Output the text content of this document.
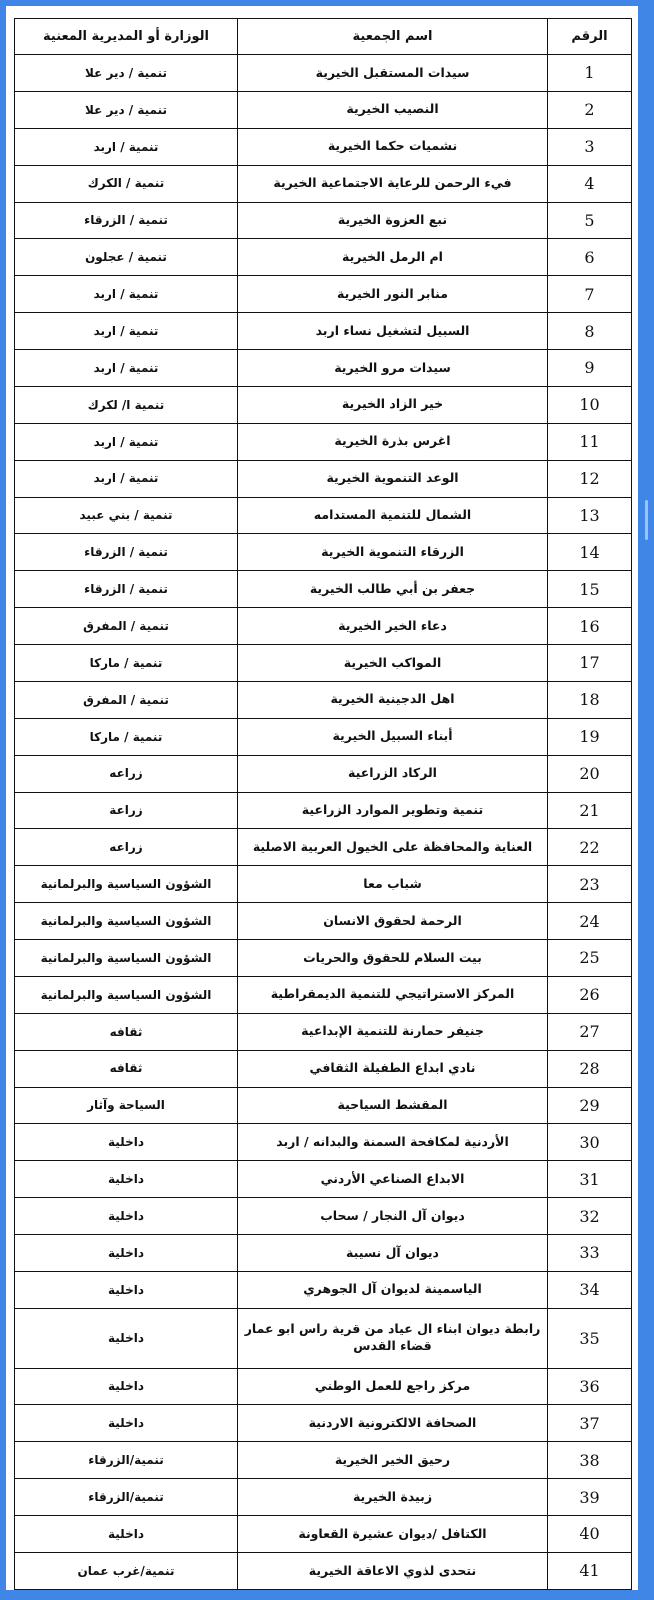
الرقم	اسم الجمعية	الوزارة أو المديرية المعنية
1	سيدات المستقبل الخيرية	تنمية / دير علا
2	النصيب الخيرية	تنمية / دير علا
3	نشميات حكما الخيرية	تنمية / اربد
4	فيء الرحمن للرعاية الاجتماعية الخيرية	تنمية / الكرك
5	نبع العزوة الخيرية	تنمية / الزرقاء
6	ام الرمل الخيرية	تنمية / عجلون
7	منابر النور الخيرية	تنمية / اربد
8	السبيل لتشغيل نساء اربد	تنمية / اربد
9	سيدات مرو الخيرية	تنمية / اربد
10	خير الزاد الخيرية	تنمية ا/ لكرك
11	اغرس بذرة الخيرية	تنمية / اربد
12	الوعد التنموية الخيرية	تنمية / اربد
13	الشمال للتنمية المستدامه	تنمية / بني عبيد
14	الزرقاء التنموية الخيرية	تنمية / الزرقاء
15	جعفر بن أبي طالب الخيرية	تنمية / الزرقاء
16	دعاء الخير الخيرية	تنمية / المفرق
17	المواكب الخيرية	تنمية / ماركا
18	اهل الدجينية الخيرية	تنمية / المفرق
19	أبناء السبيل الخيرية	تنمية / ماركا
20	الركاد الزراعية	زراعه
21	تنمية وتطوير الموارد الزراعية	زراعة
22	العناية والمحافظة على الخيول العربية الاصلية	زراعه
23	شباب معا	الشؤون السياسية والبرلمانية
24	الرحمة لحقوق الانسان	الشؤون السياسية والبرلمانية
25	بيت السلام للحقوق والحريات	الشؤون السياسية والبرلمانية
26	المركز الاستراتيجي للتنمية الديمقراطية	الشؤون السياسية والبرلمانية
27	جنيفر حمارنة للتنمية الإبداعية	ثقافه
28	نادي ابداع الطفيلة الثقافي	ثقافه
29	المقشط السياحية	السياحة وآثار
30	الأردنية لمكافحة السمنة والبدانه / اربد	داخلية
31	الابداع الصناعي الأردني	داخلية
32	ديوان آل النجار / سحاب	داخلية
33	ديوان آل نسيبة	داخلية
34	الياسمينة لديوان آل الجوهري	داخلية
35	رابطة ديوان ابناء ال عياد من قرية راس ابو عمار قضاء القدس	داخلية
36	مركز راجع للعمل الوطني	داخلية
37	الصحافة الالكترونية الاردنية	داخلية
38	رحيق الخير الخيرية	تنمية/الزرقاء
39	زبيدة الخيرية	تنمية/الزرقاء
40	الكتافل /ديوان عشيرة القعاونة	داخلية
41	نتحدى لذوي الاعاقة الخيرية	تنمية/غرب عمان
